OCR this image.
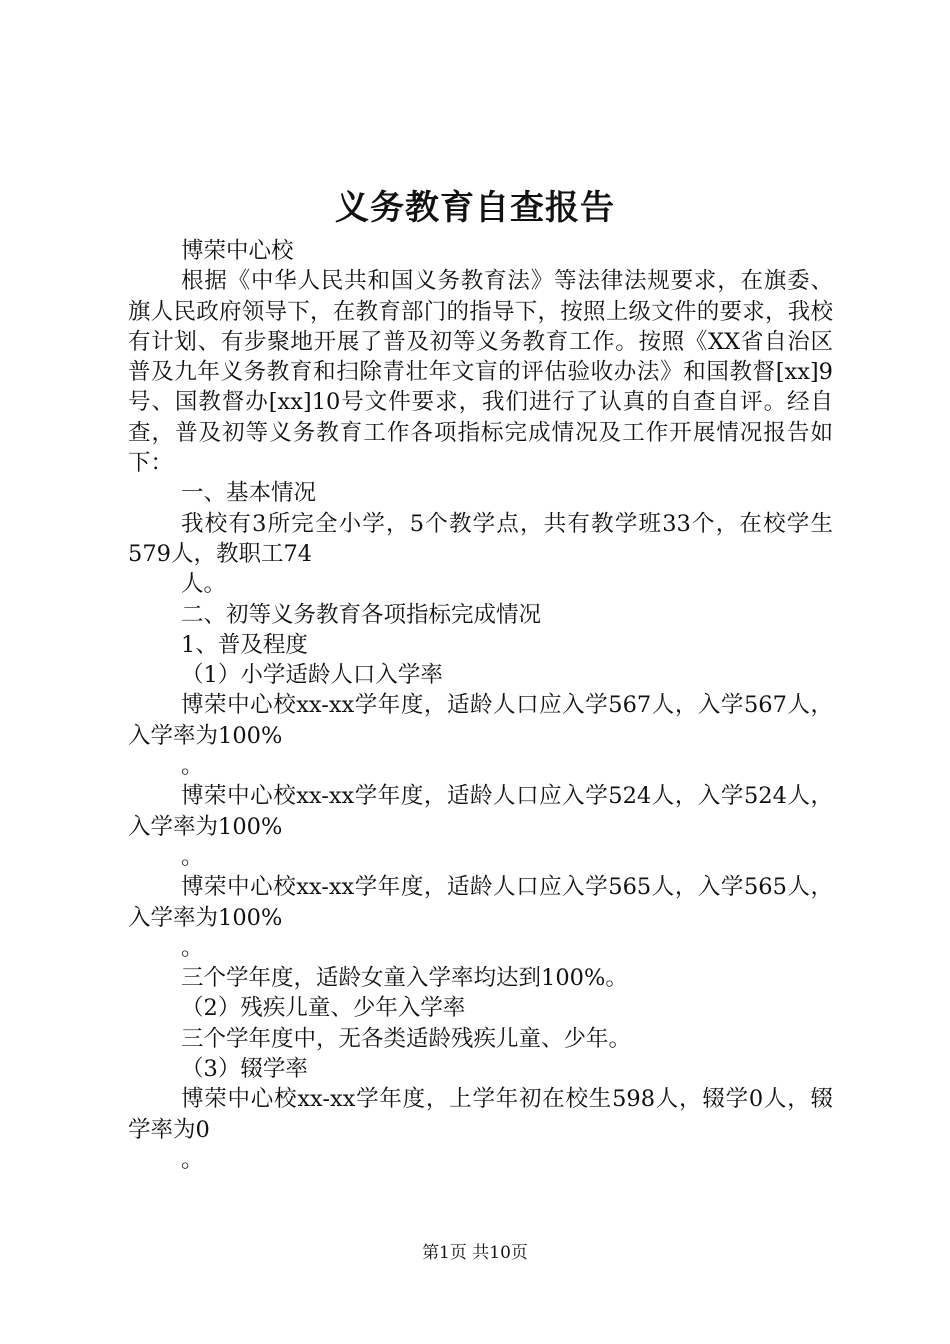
义务教育自查报告

博荣中心校

根据《中华人民共和国义务教育法》等法律法规要求，在旗委、旗人民政府领导下，在教育部门的指导下，按照上级文件的要求，我校有计划、有步聚地开展了普及初等义务教育工作。按照《XX省自治区普及九年义务教育和扫除青壮年文盲的评估验收办法》和国教督[xx]9号、国教督办[xx]10号文件要求，我们进行了认真的自查自评。经自查，普及初等义务教育工作各项指标完成情况及工作开展情况报告如下：

一、基本情况

我校有3所完全小学，5个教学点，共有教学班33个，在校学生579人，教职工74

人。

二、初等义务教育各项指标完成情况

1、普及程度

（1）小学适龄人口入学率

博荣中心校xx-xx学年度，适龄人口应入学567人，入学567人，入学率为100%

。

博荣中心校xx-xx学年度，适龄人口应入学524人，入学524人，入学率为100%

。

博荣中心校xx-xx学年度，适龄人口应入学565人，入学565人，入学率为100%

。

三个学年度，适龄女童入学率均达到100%。

（2）残疾儿童、少年入学率

三个学年度中，无各类适龄残疾儿童、少年。

（3）辍学率

博荣中心校xx-xx学年度，上学年初在校生598人，辍学0人，辍学率为0

。

第1页 共10页
